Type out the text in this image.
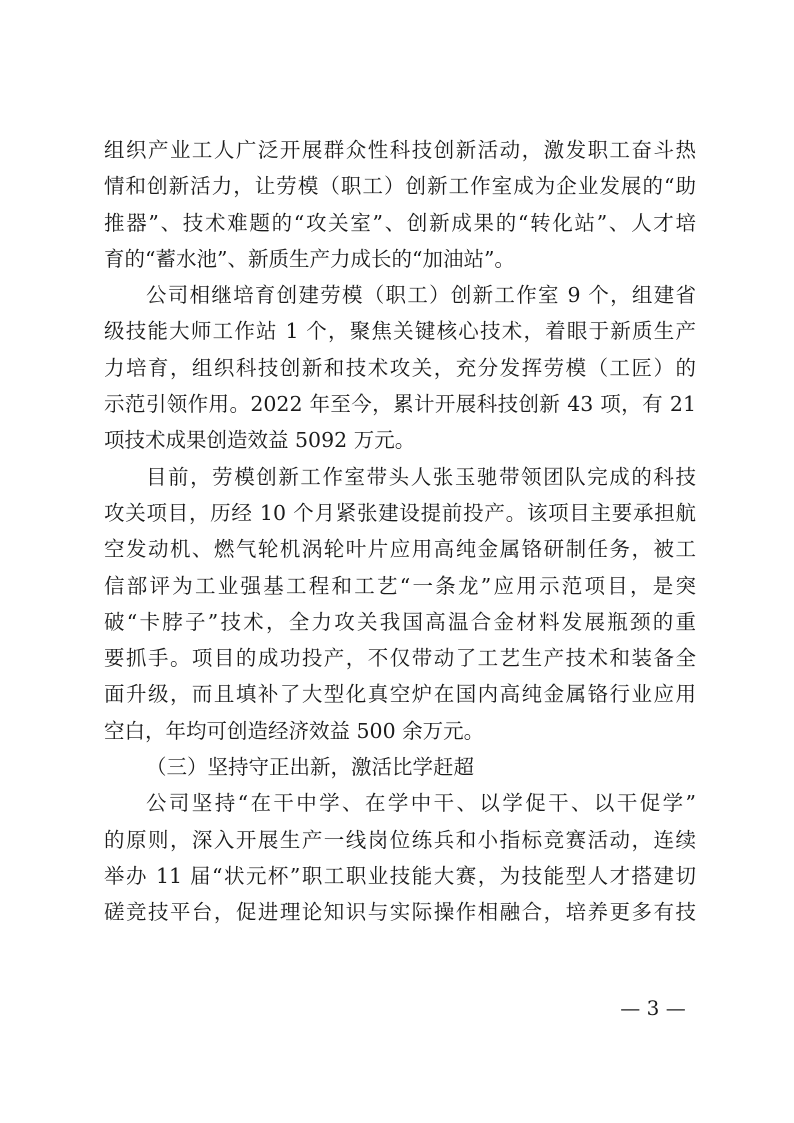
组织产业工人广泛开展群众性科技创新活动，激发职工奋斗热
情和创新活力，让劳模（职工）创新工作室成为企业发展的“助
推器”、技术难题的“攻关室”、创新成果的“转化站”、人才培
育的“蓄水池”、新质生产力成长的“加油站”。
公司相继培育创建劳模（职工）创新工作室 9 个，组建省
级技能大师工作站 1 个，聚焦关键核心技术，着眼于新质生产
力培育，组织科技创新和技术攻关，充分发挥劳模（工匠）的
示范引领作用。2022 年至今，累计开展科技创新 43 项，有 21
项技术成果创造效益 5092 万元。
目前，劳模创新工作室带头人张玉驰带领团队完成的科技
攻关项目，历经 10 个月紧张建设提前投产。该项目主要承担航
空发动机、燃气轮机涡轮叶片应用高纯金属铬研制任务，被工
信部评为工业强基工程和工艺“一条龙”应用示范项目，是突
破“卡脖子”技术，全力攻关我国高温合金材料发展瓶颈的重
要抓手。项目的成功投产，不仅带动了工艺生产技术和装备全
面升级，而且填补了大型化真空炉在国内高纯金属铬行业应用
空白，年均可创造经济效益 500 余万元。
（三）坚持守正出新，激活比学赶超
公司坚持“在干中学、在学中干、以学促干、以干促学”
的原则，深入开展生产一线岗位练兵和小指标竞赛活动，连续
举办 11 届“状元杯”职工职业技能大赛，为技能型人才搭建切
磋竞技平台，促进理论知识与实际操作相融合，培养更多有技
— 3 —
